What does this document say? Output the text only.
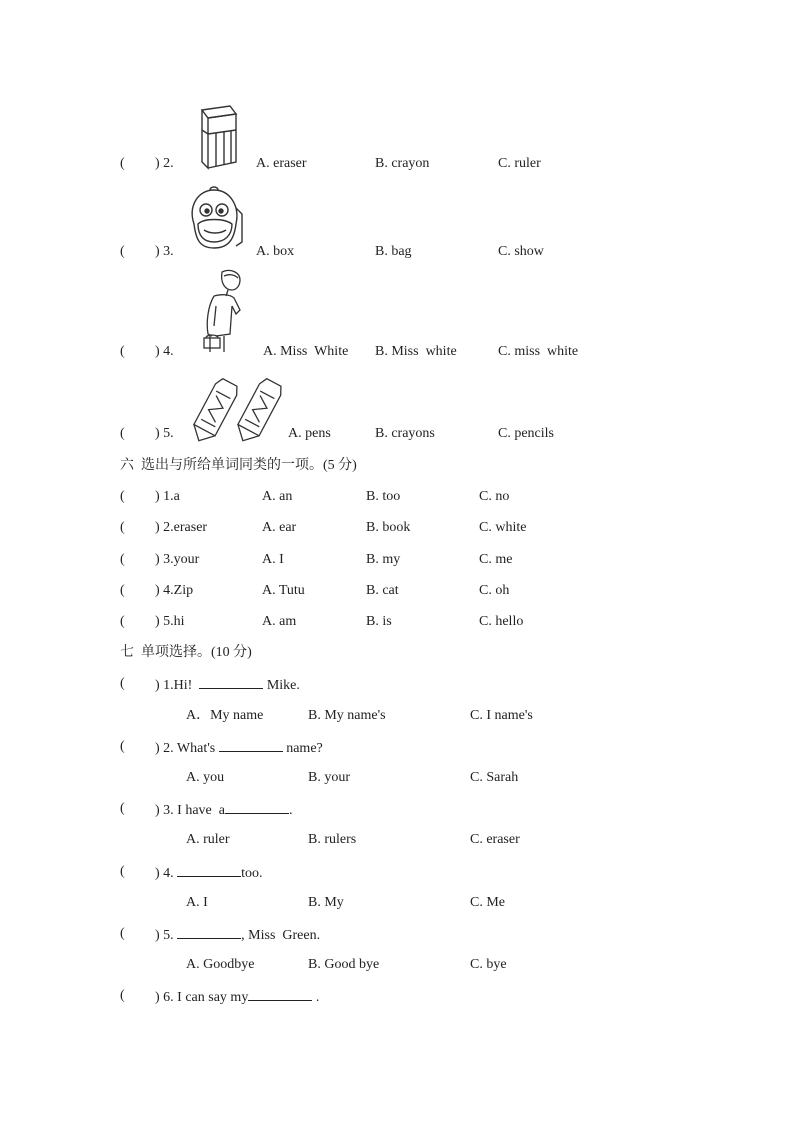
( ) 2.	A. eraser	B. crayon	C. ruler
( ) 3.	A. box	B. bag	C. show
( ) 4.	A. Miss  White B. Miss  white	C. miss  white
( ) 5.	A. pens	B. crayons	C. pencils
六  选出与所给单词同类的一项。(5 分)
( ) 1.a	A. an	B. too	C. no
( ) 2.eraser	A. ear	B. book	C. white
( ) 3.your	A. I	B. my	C. me
( ) 4.Zip	A. Tutu	B. cat	C. oh
( ) 5.hi	A. am	B. is	C. hello
七  单项选择。(10 分)
( ) 1.Hi!	Mike.
A．My name	B. My name's	C. I name's
( ) 2. What's	name?
A. you	B. your	C. Sarah
( ) 3. I have  a	.
A. ruler	B. rulers	C. eraser
( ) 4.	too.
A. I	B. My	C. Me
( ) 5.	, Miss  Green.
A. Goodbye	B. Good bye	C. bye
( ) 6. I can say my	.
